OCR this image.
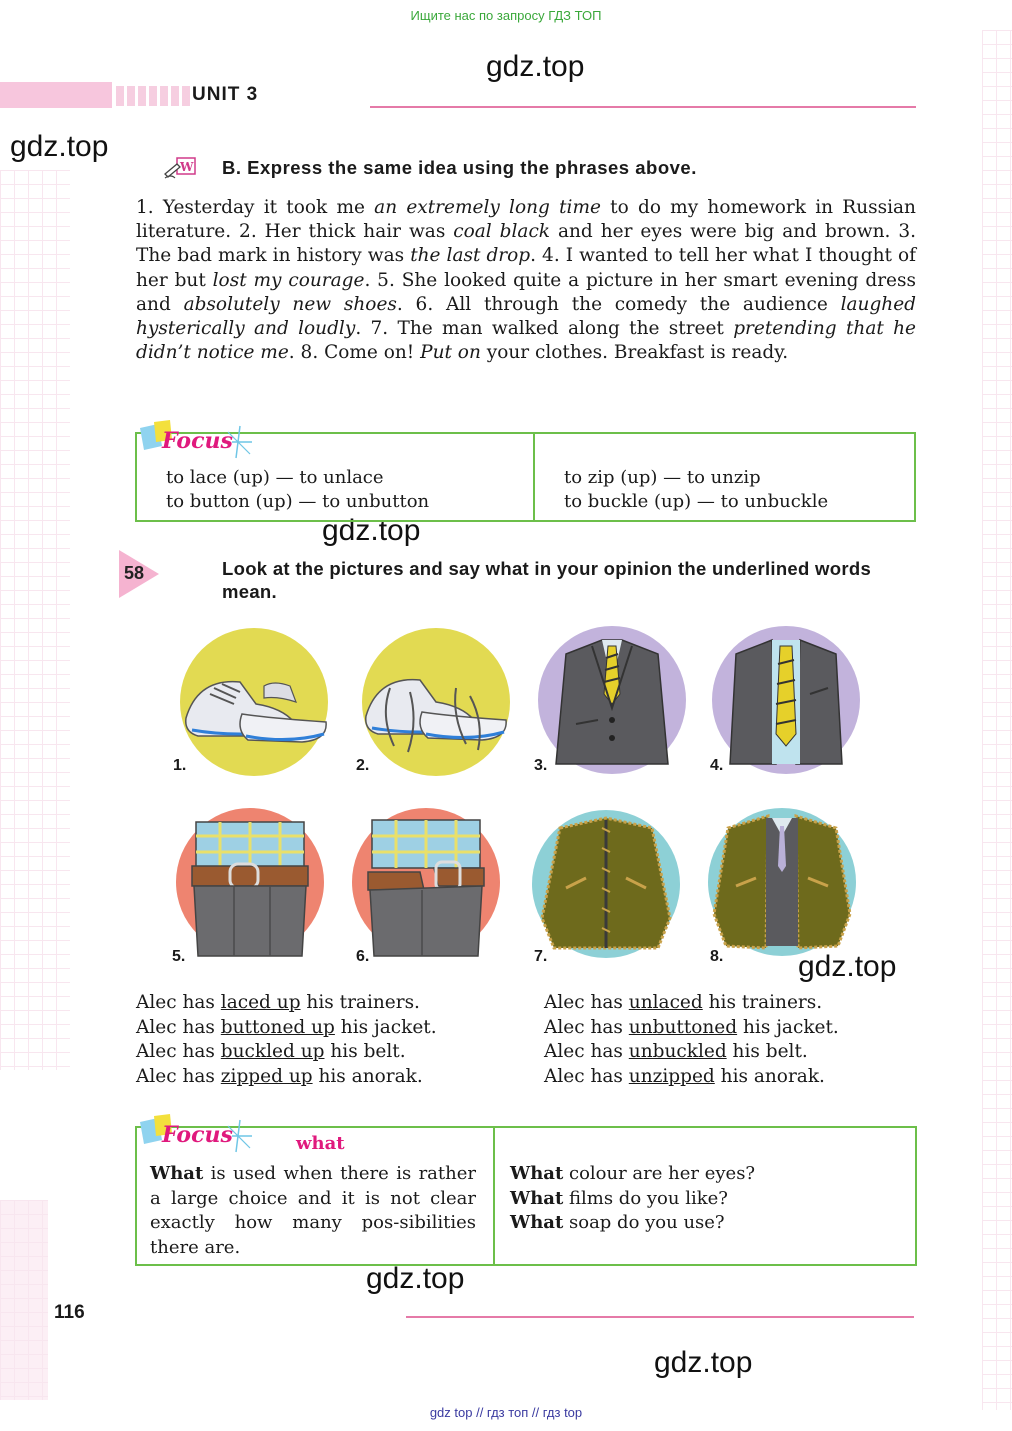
Ищите нас по запросу ГДЗ ТОП
gdz.top
gdz.top
gdz.top
gdz.top
gdz.top
gdz.top
UNIT 3
W B. Express the same idea using the phrases above.
1. Yesterday it took me an extremely long time to do my homework in Russian literature. 2. Her thick hair was coal black and her eyes were big and brown. 3. The bad mark in history was the last drop. 4. I wanted to tell her what I thought of her but lost my courage. 5. She looked quite a picture in her smart evening dress and absolutely new shoes. 6. All through the comedy the audience laughed hysterically and loudly. 7. The man walked along the street pretending that he didn’t notice me. 8. Come on! Put on your clothes. Breakfast is ready.
Focus
to lace (up) — to unlace
to button (up) — to unbutton
to zip (up) — to unzip
to buckle (up) — to unbuckle
58	Look at the pictures and say what in your opinion the underlined words mean.
1.	2.	3.	4.
5.	6.	7.	8.
Alec has laced up his trainers.
Alec has buttoned up his jacket.
Alec has buckled up his belt.
Alec has zipped up his anorak.
Alec has unlaced his trainers.
Alec has unbuttoned his jacket.
Alec has unbuckled his belt.
Alec has unzipped his anorak.
Focus	what
What is used when there is rather a large choice and it is not clear exactly how many pos-sibilities there are.
What colour are her eyes?
What films do you like?
What soap do you use?
116
gdz top // гдз топ // гдз top
